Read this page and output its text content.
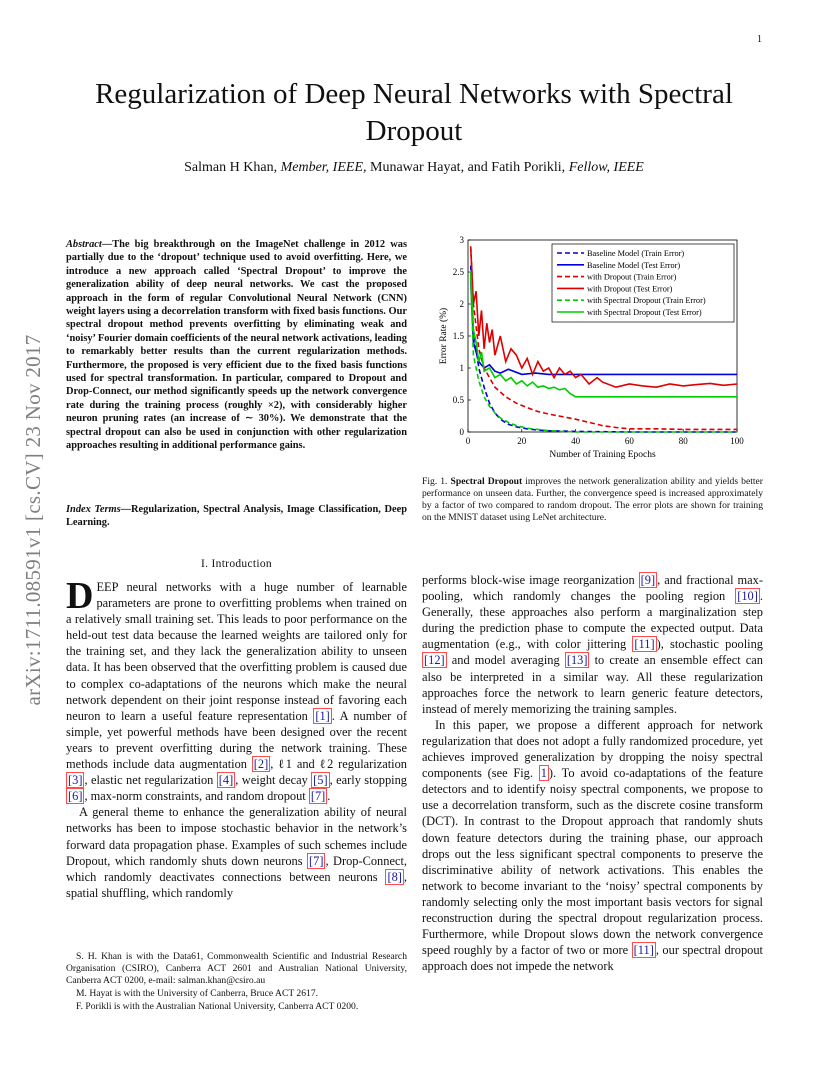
1
arXiv:1711.08591v1 [cs.CV] 23 Nov 2017
Regularization of Deep Neural Networks with Spectral Dropout
Salman H Khan, Member, IEEE, Munawar Hayat, and Fatih Porikli, Fellow, IEEE
Abstract—The big breakthrough on the ImageNet challenge in 2012 was partially due to the ‘dropout’ technique used to avoid overfitting. Here, we introduce a new approach called ‘Spectral Dropout’ to improve the generalization ability of deep neural networks. We cast the proposed approach in the form of regular Convolutional Neural Network (CNN) weight layers using a decorrelation transform with fixed basis functions. Our spectral dropout method prevents overfitting by eliminating weak and ‘noisy’ Fourier domain coefficients of the neural network activations, leading to remarkably better results than the current regularization methods. Furthermore, the proposed is very efficient due to the fixed basis functions used for spectral transformation. In particular, compared to Dropout and Drop-Connect, our method significantly speeds up the network convergence rate during the training process (roughly ×2), with considerably higher neuron pruning rates (an increase of ∼ 30%). We demonstrate that the spectral dropout can also be used in conjunction with other regularization approaches resulting in additional performance gains.
Index Terms—Regularization, Spectral Analysis, Image Classification, Deep Learning.
I. Introduction

DEEP neural networks with a huge number of learnable parameters are prone to overfitting problems when trained on a relatively small training set. This leads to poor performance on the held-out test data because the learned weights are tailored only for the training set, and they lack the generalization ability to unseen data. It has been observed that the overfitting problem is caused due to complex co-adaptations of the neurons which make the neural network dependent on their joint response instead of favoring each neuron to learn a useful feature representation [1] . A number of simple, yet powerful methods have been designed over the recent years to prevent overfitting during the network training. These methods include data augmentation [2] , ℓ1 and ℓ2 regularization [3] , elastic net regularization [4] , weight decay [5] , early stopping [6] , max-norm constraints, and random dropout [7] .

A general theme to enhance the generalization ability of neural networks has been to impose stochastic behavior in the network’s forward data propagation phase. Examples of such schemes include Dropout, which randomly shuts down neurons [7] , Drop-Connect, which randomly deactivates connections between neurons [8] , spatial shuffling, which randomly

S. H. Khan is with the Data61, Commonwealth Scientific and Industrial Research Organisation (CSIRO), Canberra ACT 2601 and Australian National University, Canberra ACT 0200, e-mail: salman.khan@csiro.au

M. Hayat is with the University of Canberra, Bruce ACT 2617.

F. Porikli is with the Australian National University, Canberra ACT 0200.

0	20	40	60	80	100
0
0.5
1
1.5
2
2.5
3
Number of Training Epochs
Error Rate (%)
Baseline Model (Train Error)
Baseline Model (Test Error)
with Dropout (Train Error)
with Dropout (Test Error)
with Spectral Dropout (Train Error)
with Spectral Dropout (Test Error)
Fig. 1. Spectral Dropout improves the network generalization ability and yields better performance on unseen data. Further, the convergence speed is increased approximately by a factor of two compared to random dropout. The error plots are shown for training on the MNIST dataset using LeNet architecture.

performs block-wise image reorganization [9] , and fractional max-pooling, which randomly changes the pooling region [10] . Generally, these approaches also perform a marginalization step during the prediction phase to compute the expected output. Data augmentation (e.g., with color jittering [11] ), stochastic pooling [12] and model averaging [13] to create an ensemble effect can also be interpreted in a similar way. All these regularization approaches force the network to learn generic feature detectors, instead of merely memorizing the training samples.

In this paper, we propose a different approach for network regularization that does not adopt a fully randomized procedure, yet achieves improved generalization by dropping the noisy spectral components (see Fig. 1 ). To avoid co-adaptations of the feature detectors and to identify noisy spectral components, we propose to use a decorrelation transform, such as the discrete cosine transform (DCT). In contrast to the Dropout approach that randomly shuts down feature detectors during the training phase, our approach drops out the less significant spectral components to preserve the discriminative ability of network activations. This enables the network to become invariant to the ‘noisy’ spectral components by randomly selecting only the most important basis vectors for signal reconstruction during the spectral dropout regularization process. Furthermore, while Dropout slows down the network convergence speed roughly by a factor of two or more [11] , our spectral dropout approach does not impede the network
